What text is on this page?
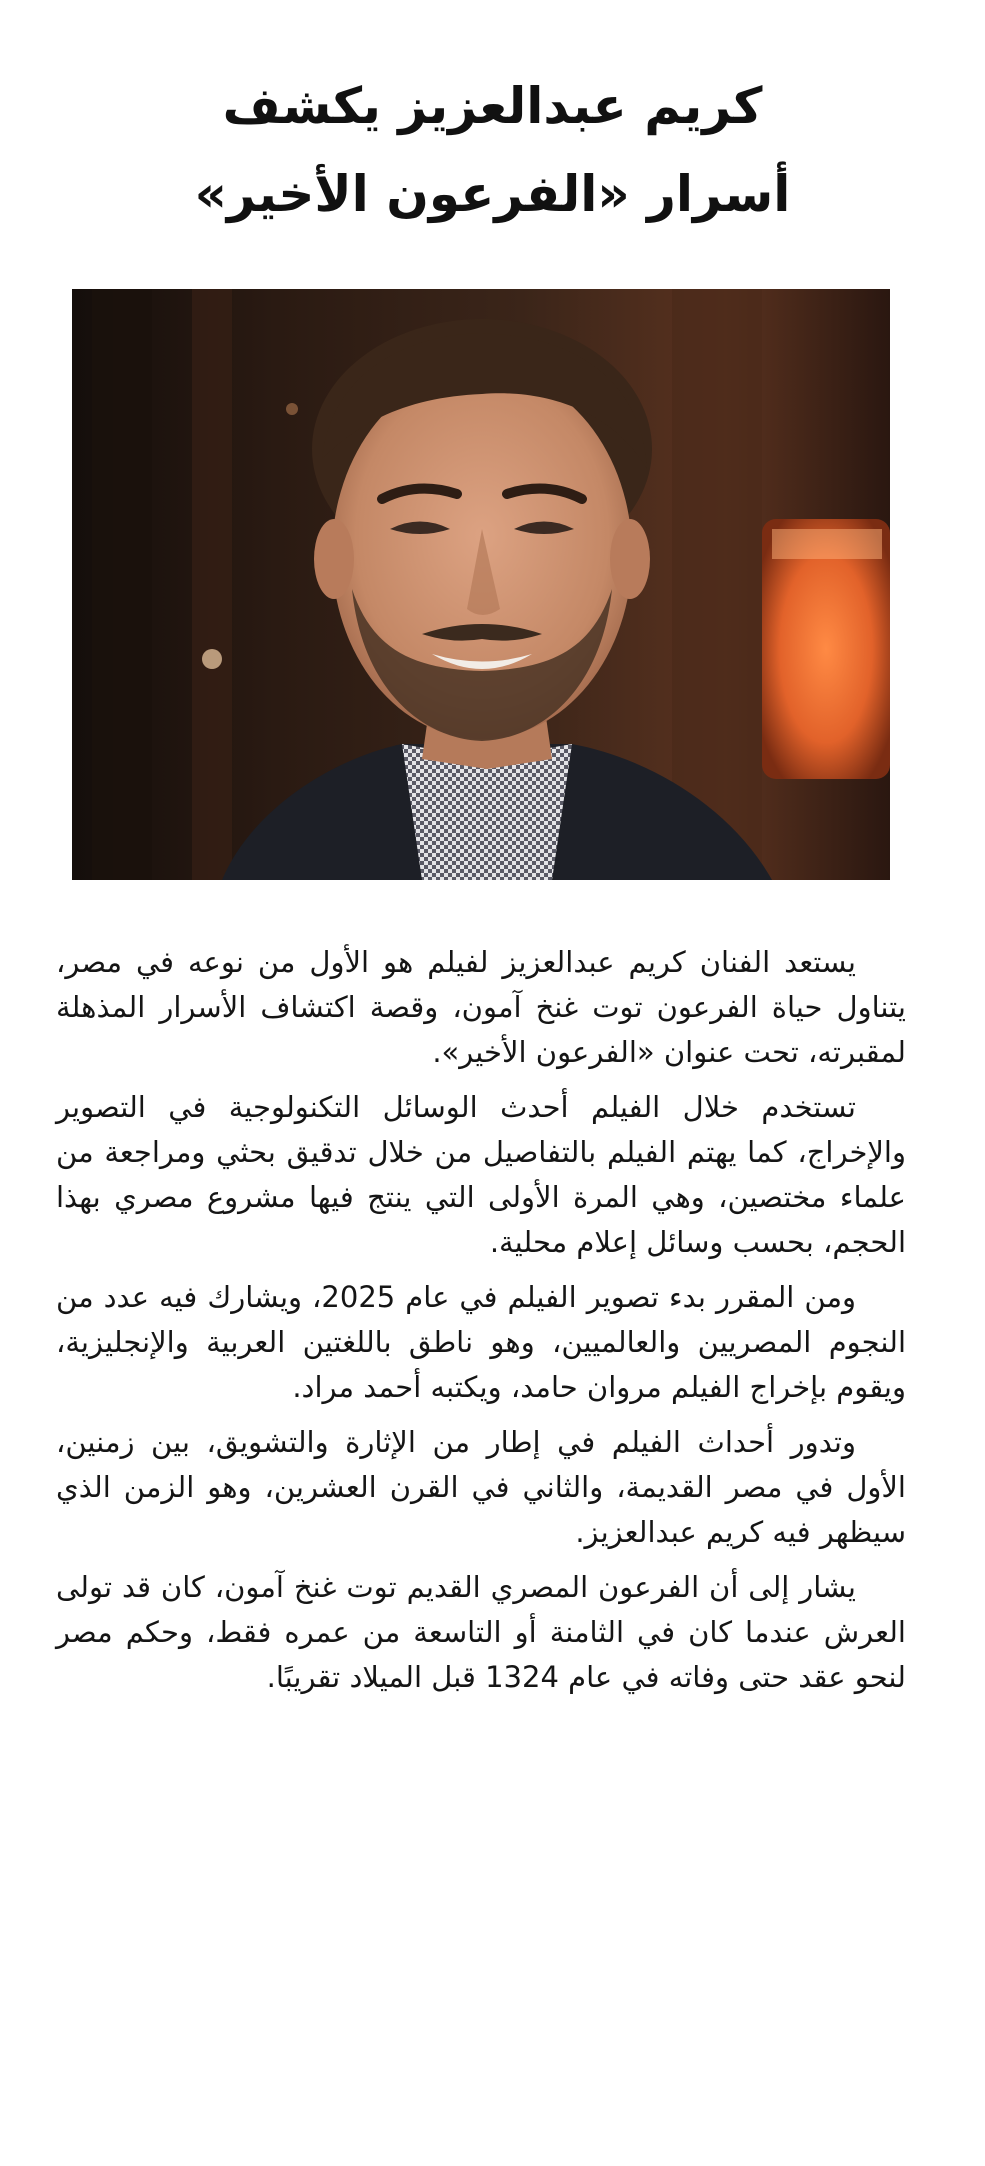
كريم عبدالعزيز يكشف
أسرار «الفرعون الأخير»

يستعد الفنان كريم عبدالعزيز لفيلم هو الأول من نوعه في مصر، يتناول حياة الفرعون توت غنخ آمون، وقصة اكتشاف الأسرار المذهلة لمقبرته، تحت عنوان «الفرعون الأخير».

تستخدم خلال الفيلم أحدث الوسائل التكنولوجية في التصوير والإخراج، كما يهتم الفيلم بالتفاصيل من خلال تدقيق بحثي ومراجعة من علماء مختصين، وهي المرة الأولى التي ينتج فيها مشروع مصري بهذا الحجم، بحسب وسائل إعلام محلية.

ومن المقرر بدء تصوير الفيلم في عام 2025، ويشارك فيه عدد من النجوم المصريين والعالميين، وهو ناطق باللغتين العربية والإنجليزية، ويقوم بإخراج الفيلم مروان حامد، ويكتبه أحمد مراد.

وتدور أحداث الفيلم في إطار من الإثارة والتشويق، بين زمنين، الأول في مصر القديمة، والثاني في القرن العشرين، وهو الزمن الذي سيظهر فيه كريم عبدالعزيز.

يشار إلى أن الفرعون المصري القديم توت غنخ آمون، كان قد تولى العرش عندما كان في الثامنة أو التاسعة من عمره فقط، وحكم مصر لنحو عقد حتى وفاته في عام 1324 قبل الميلاد تقريبًا.
